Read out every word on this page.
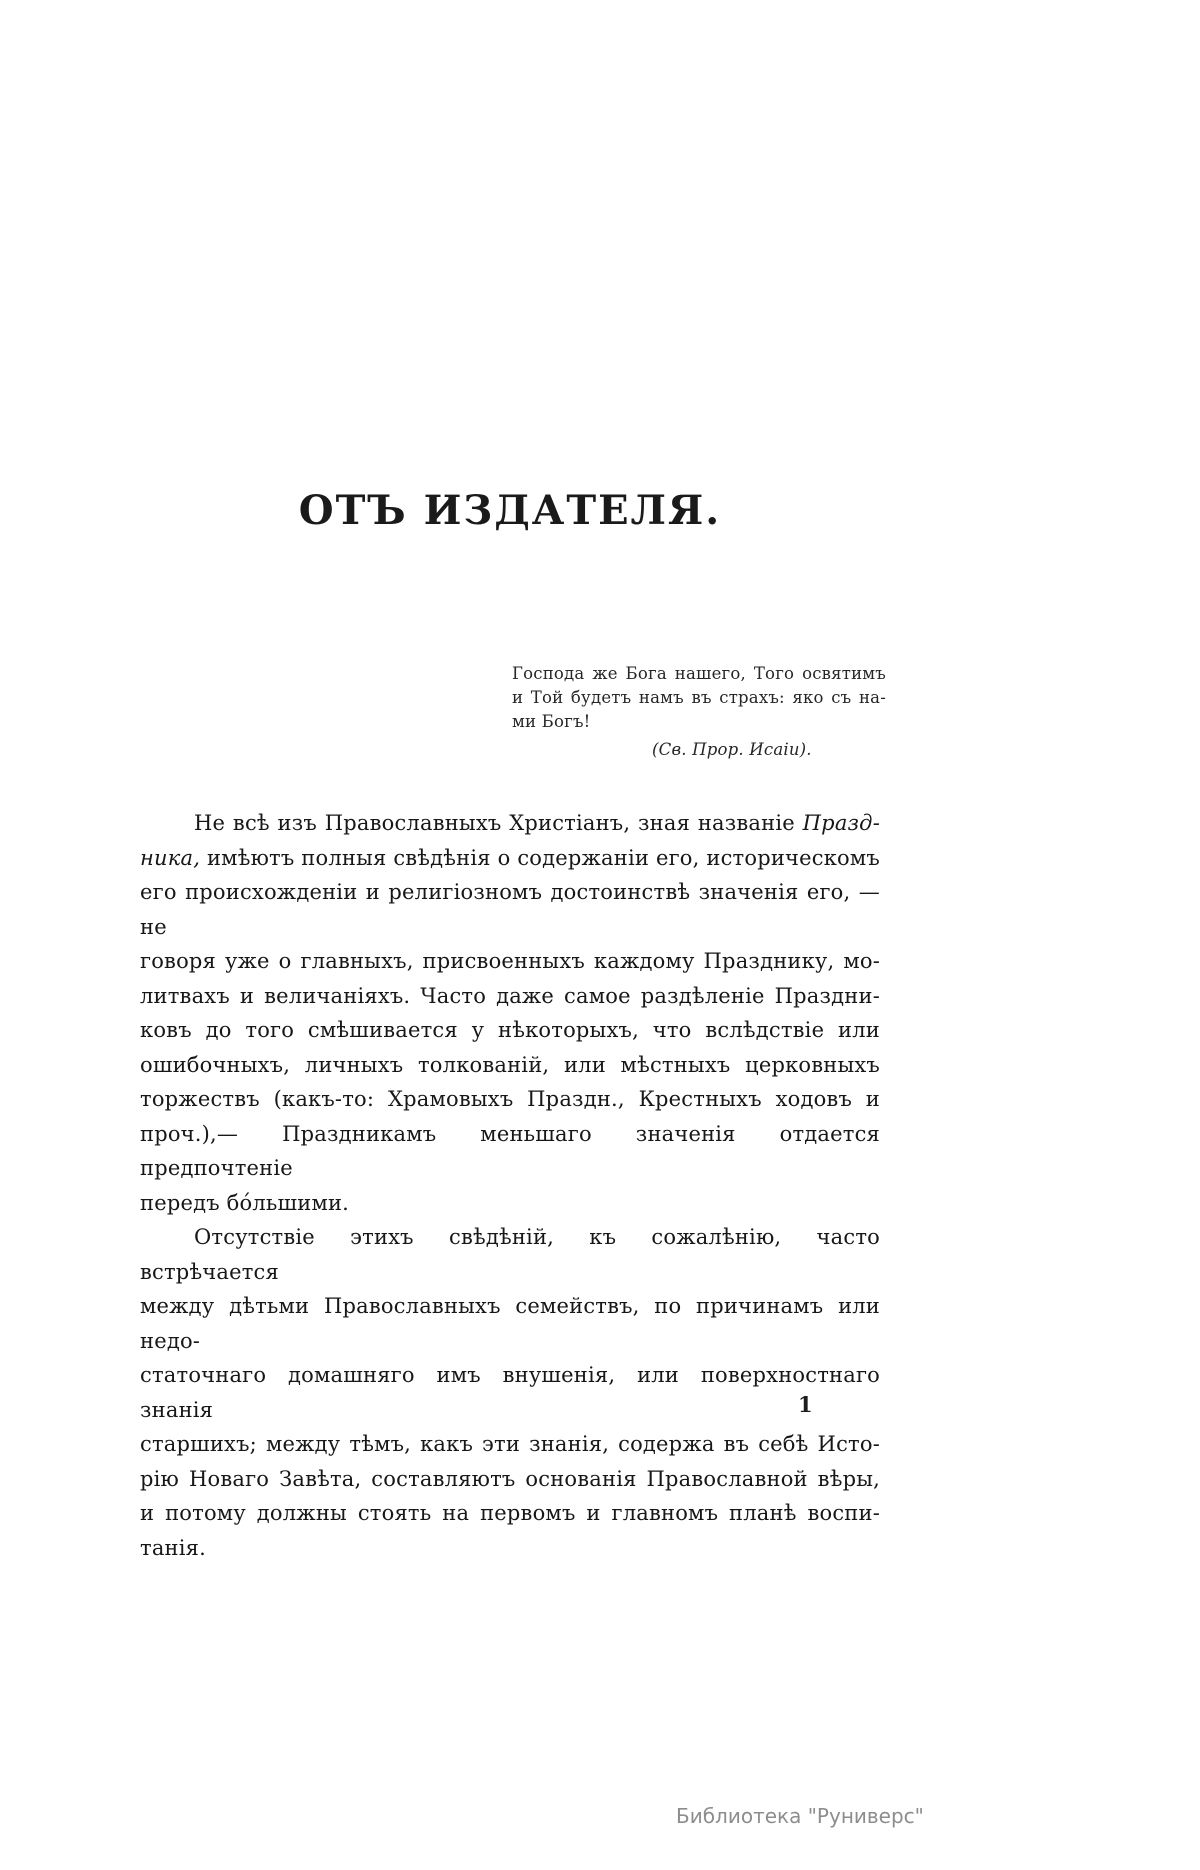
ОТЪ ИЗДАТЕЛЯ.
Господа же Бога нашего, Того освятимъ
и Той будетъ намъ въ страхъ: яко съ на-
ми Богъ!
(Св. Прор. Исаіи).
Не всѣ изъ Православныхъ Христіанъ, зная названіе Празд-
ника, имѣютъ полныя свѣдѣнія о содержаніи его, историческомъ
его происхожденіи и религіозномъ достоинствѣ значенія его, — не
говоря уже о главныхъ, присвоенныхъ каждому Празднику, мо-
литвахъ и величаніяхъ. Часто даже самое раздѣленіе Праздни-
ковъ до того смѣшивается у нѣкоторыхъ, что вслѣдствіе или
ошибочныхъ, личныхъ толкованій, или мѣстныхъ церковныхъ
торжествъ (какъ-то: Храмовыхъ Праздн., Крестныхъ ходовъ и
проч.),— Праздникамъ меньшаго значенія отдается предпочтеніе
передъ бо́льшими.
Отсутствіе этихъ свѣдѣній, къ сожалѣнію, часто встрѣчается
между дѣтьми Православныхъ семействъ, по причинамъ или недо-
статочнаго домашняго имъ внушенія, или поверхностнаго знанія
старшихъ; между тѣмъ, какъ эти знанія, содержа въ себѣ Исто-
рію Новаго Завѣта, составляютъ основанія Православной вѣры,
и потому должны стоять на первомъ и главномъ планѣ воспи-
танія.
1
Библиотека "Руниверс"
